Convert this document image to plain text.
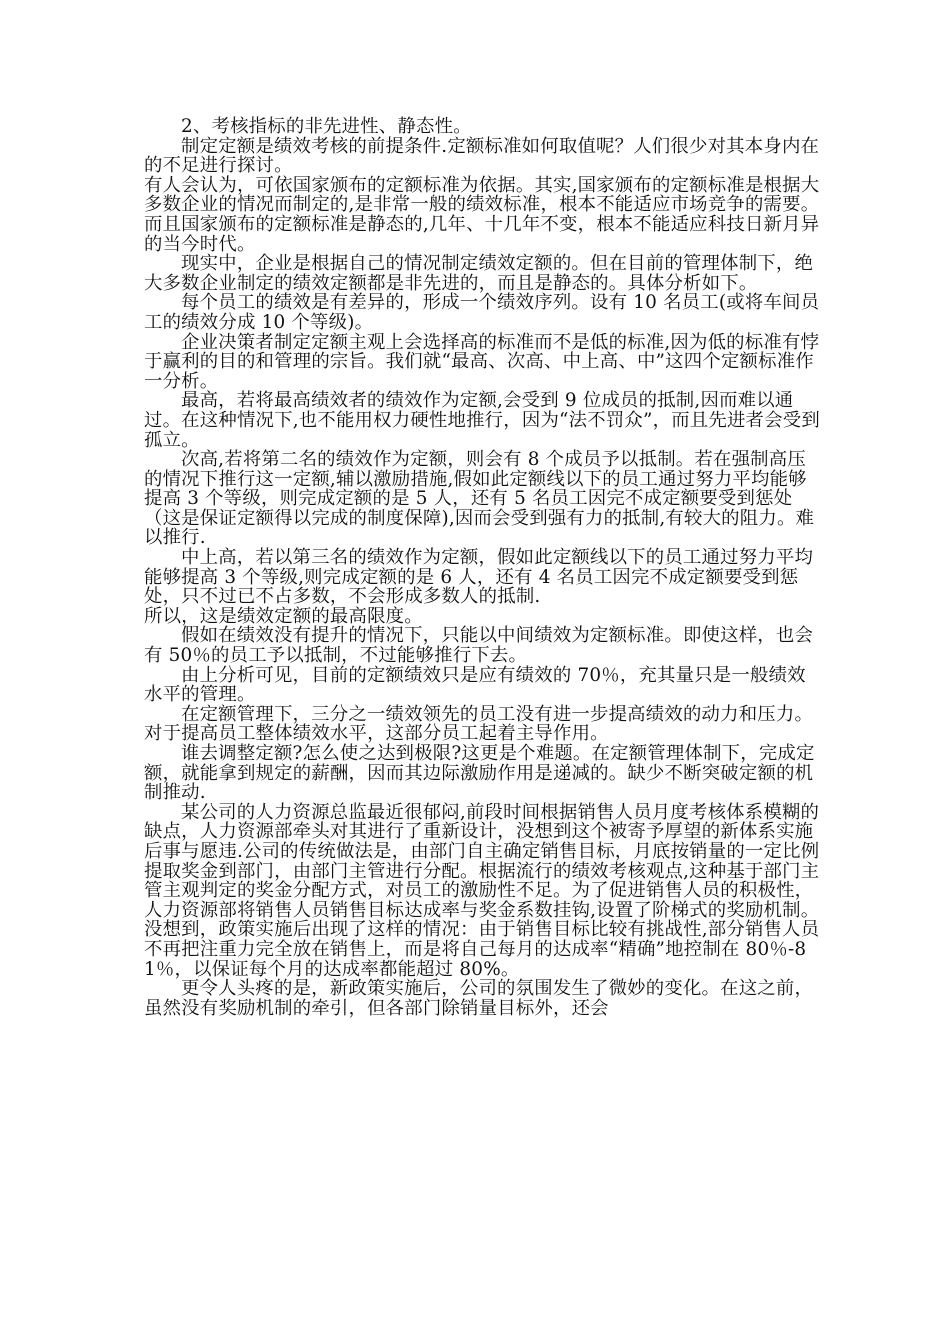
2、考核指标的非先进性、静态性。

制定定额是绩效考核的前提条件.定额标准如何取值呢？人们很少对其本身内在的不足进行探讨。

有人会认为，可依国家颁布的定额标准为依据。其实,国家颁布的定额标准是根据大多数企业的情况而制定的,是非常一般的绩效标准，根本不能适应市场竞争的需要。而且国家颁布的定额标准是静态的,几年、十几年不变，根本不能适应科技日新月异的当今时代。

现实中，企业是根据自己的情况制定绩效定额的。但在目前的管理体制下，绝大多数企业制定的绩效定额都是非先进的，而且是静态的。具体分析如下。

每个员工的绩效是有差异的，形成一个绩效序列。设有 10 名员工(或将车间员工的绩效分成 10 个等级)。

企业决策者制定定额主观上会选择高的标准而不是低的标准,因为低的标准有悖于赢利的目的和管理的宗旨。我们就“最高、次高、中上高、中”这四个定额标准作一分析。

最高，若将最高绩效者的绩效作为定额,会受到 9 位成员的抵制,因而难以通过。在这种情况下,也不能用权力硬性地推行，因为“法不罚众”，而且先进者会受到孤立。

次高,若将第二名的绩效作为定额，则会有 8 个成员予以抵制。若在强制高压的情况下推行这一定额,辅以激励措施,假如此定额线以下的员工通过努力平均能够提高 3 个等级，则完成定额的是 5 人，还有 5 名员工因完不成定额要受到惩处（这是保证定额得以完成的制度保障),因而会受到强有力的抵制,有较大的阻力。难以推行.

中上高，若以第三名的绩效作为定额，假如此定额线以下的员工通过努力平均能够提高 3 个等级,则完成定额的是 6 人，还有 4 名员工因完不成定额要受到惩处，只不过已不占多数，不会形成多数人的抵制.

所以，这是绩效定额的最高限度。

假如在绩效没有提升的情况下，只能以中间绩效为定额标准。即使这样，也会有 50％的员工予以抵制，不过能够推行下去。

由上分析可见，目前的定额绩效只是应有绩效的 70％，充其量只是一般绩效水平的管理。

在定额管理下，三分之一绩效领先的员工没有进一步提高绩效的动力和压力。对于提高员工整体绩效水平，这部分员工起着主导作用。

谁去调整定额?怎么使之达到极限?这更是个难题。在定额管理体制下，完成定额，就能拿到规定的薪酬，因而其边际激励作用是递减的。缺少不断突破定额的机制推动.

某公司的人力资源总监最近很郁闷,前段时间根据销售人员月度考核体系模糊的缺点，人力资源部牵头对其进行了重新设计，没想到这个被寄予厚望的新体系实施后事与愿违.公司的传统做法是，由部门自主确定销售目标，月底按销量的一定比例提取奖金到部门，由部门主管进行分配。根据流行的绩效考核观点,这种基于部门主管主观判定的奖金分配方式，对员工的激励性不足。为了促进销售人员的积极性，人力资源部将销售人员销售目标达成率与奖金系数挂钩,设置了阶梯式的奖励机制。没想到，政策实施后出现了这样的情况：由于销售目标比较有挑战性,部分销售人员不再把注重力完全放在销售上，而是将自己每月的达成率“精确”地控制在 80％-81％，以保证每个月的达成率都能超过 80%。

更令人头疼的是，新政策实施后，公司的氛围发生了微妙的变化。在这之前，虽然没有奖励机制的牵引，但各部门除销量目标外，还会
